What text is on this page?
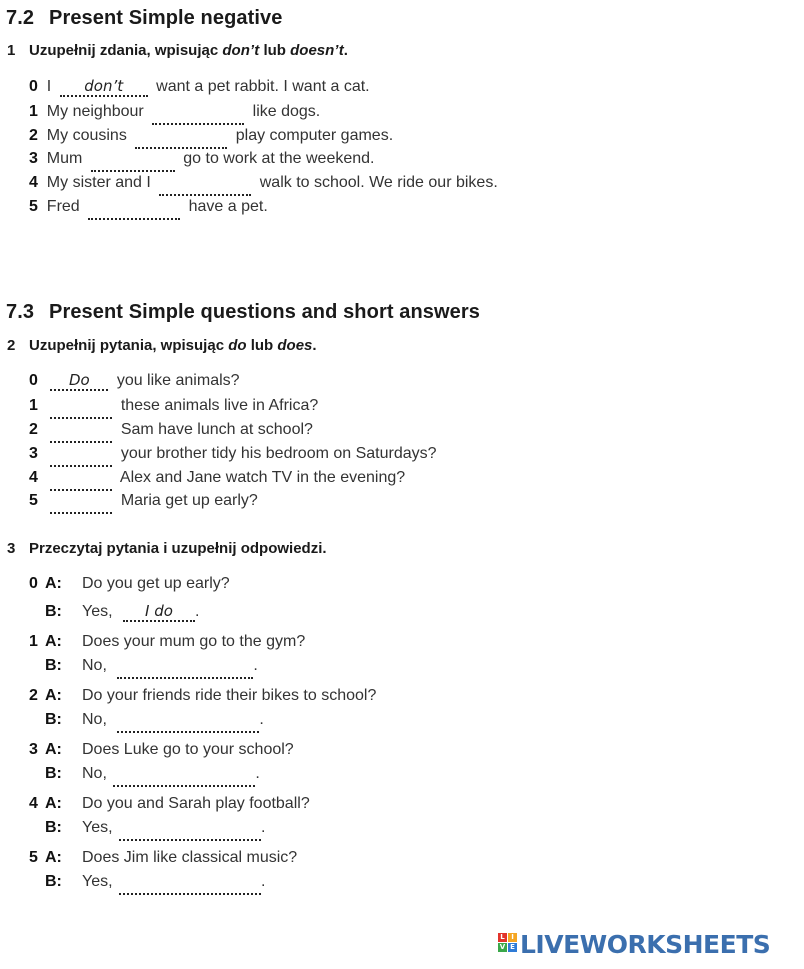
7.2 Present Simple negative
1 Uzupełnij zdania, wpisując don’t lub doesn’t.
0 I don’t want a pet rabbit. I want a cat.
1 My neighbour	like dogs.
2 My cousins	play computer games.
3 Mum	go to work at the weekend.
4 My sister and I	walk to school. We ride our bikes.
5 Fred	have a pet.
7.3 Present Simple questions and short answers
2 Uzupełnij pytania, wpisując do lub does.
0 Do you like animals?
1	these animals live in Africa?
2	Sam have lunch at school?
3	your brother tidy his bedroom on Saturdays?
4	Alex and Jane watch TV in the evening?
5	Maria get up early?
3 Przeczytaj pytania i uzupełnij odpowiedzi.
0 A: Do you get up early?
B: Yes, I do .
1 A: Does your mum go to the gym?
B: No,	.
2 A: Do your friends ride their bikes to school?
B: No,	.
3 A: Does Luke go to your school?
B: No,	.
4 A: Do you and Sarah play football?
B: Yes,	.
5 A: Does Jim like classical music?
B: Yes,	.
L I
V E LIVEWORKSHEETS
